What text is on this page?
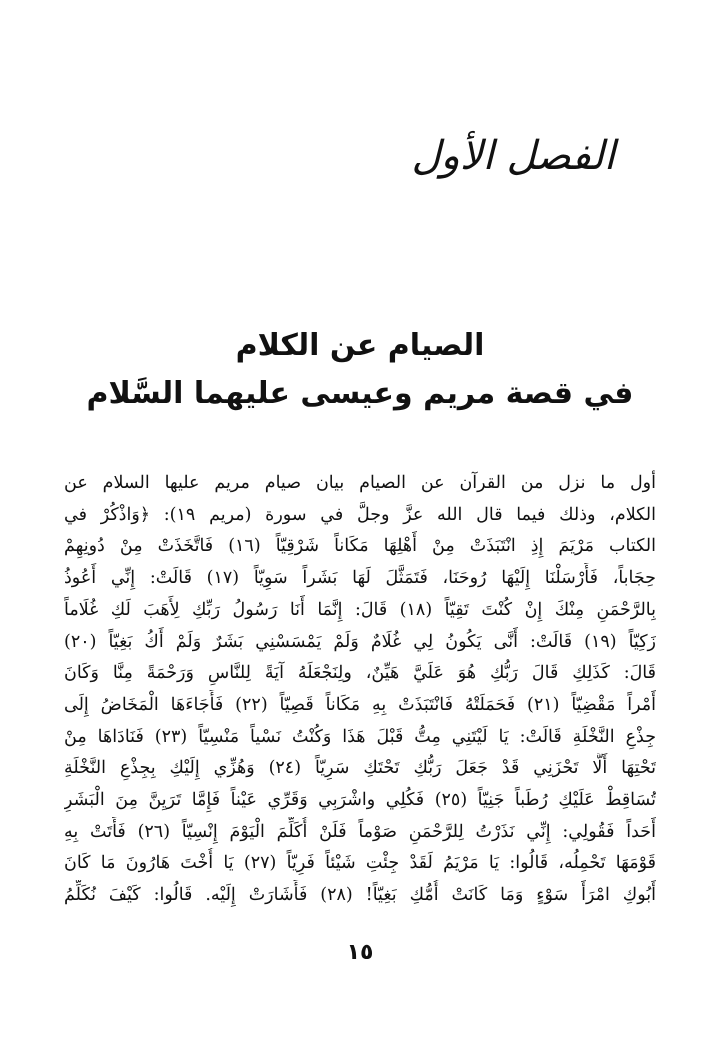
الفصل الأول
الصيام عن الكلام
في قصة مريم وعيسى عليهما السَّلام
أول ما نزل من القرآن عن الصيام بيان صيام مريم عليها السلام عن
الكلام، وذلك فيما قال الله عزَّ وجلَّ في سورة (مريم ١٩): ﴿وَاذْكُرْ في
الكتاب مَرْيَمَ إِذِ انْتَبَذَتْ مِنْ أَهْلِهَا مَكَاناً شَرْقِيّاً (١٦) فَاتَّخَذَتْ مِنْ دُونِهِمْ
حِجَاباً، فَأَرْسَلْنَا إِلَيْهَا رُوحَنَا، فَتَمَثَّلَ لَهَا بَشَراً سَوِيّاً (١٧) قَالَتْ: إِنِّي أَعُوذُ
بِالرَّحْمَنِ مِنْكَ إِنْ كُنْتَ تَقِيّاً (١٨) قَالَ: إِنَّمَا أَنَا رَسُولُ رَبِّكِ لِأَهَبَ لَكِ غُلَاماً
زَكِيّاً (١٩) قَالَتْ: أَنَّى يَكُونُ لِي غُلَامٌ وَلَمْ يَمْسَسْنِي بَشَرٌ وَلَمْ أَكُ بَغِيّاً (٢٠)
قَالَ: كَذَلِكِ قَالَ رَبُّكِ هُوَ عَلَيَّ هَيِّنٌ، ولِنَجْعَلَهُ آيَةً لِلنَّاسِ وَرَحْمَةً مِنَّا وَكَانَ
أَمْراً مَقْضِيّاً (٢١) فَحَمَلَتْهُ فَانْتَبَذَتْ بِهِ مَكَاناً قَصِيّاً (٢٢) فَأَجَاءَهَا الْمَخَاضُ إِلَى
جِذْعِ النَّخْلَةِ قَالَتْ: يَا لَيْتَنِي مِتُّ قَبْلَ هَذَا وَكُنْتُ نَسْياً مَنْسِيّاً (٢٣) فَنَادَاهَا مِنْ
تَحْتِهَا أَلَّا تَحْزَنِي قَدْ جَعَلَ رَبُّكِ تَحْتَكِ سَرِيّاً (٢٤) وَهُزِّي إِلَيْكِ بِجِذْعِ النَّخْلَةِ
تُسَاقِطْ عَلَيْكِ رُطَباً جَنِيّاً (٢٥) فَكُلِي واشْرَبِي وَقَرِّي عَيْناً فَإِمَّا تَرَيِنَّ مِنَ الْبَشَرِ
أَحَداً فَقُولِي: إِنِّي نَذَرْتُ لِلرَّحْمَنِ صَوْماً فَلَنْ أُكَلِّمَ الْيَوْمَ إِنْسِيّاً (٢٦) فَأَتَتْ بِهِ
قَوْمَهَا تَحْمِلُه، قَالُوا: يَا مَرْيَمُ لَقَدْ جِئْتِ شَيْئاً فَرِيّاً (٢٧) يَا أُخْتَ هَارُونَ مَا كَانَ
أَبُوكِ امْرَأَ سَوْءٍ وَمَا كَانَتْ أُمُّكِ بَغِيّاً! (٢٨) فَأَشَارَتْ إِلَيْه. قَالُوا: كَيْفَ نُكَلِّمُ
١٥
